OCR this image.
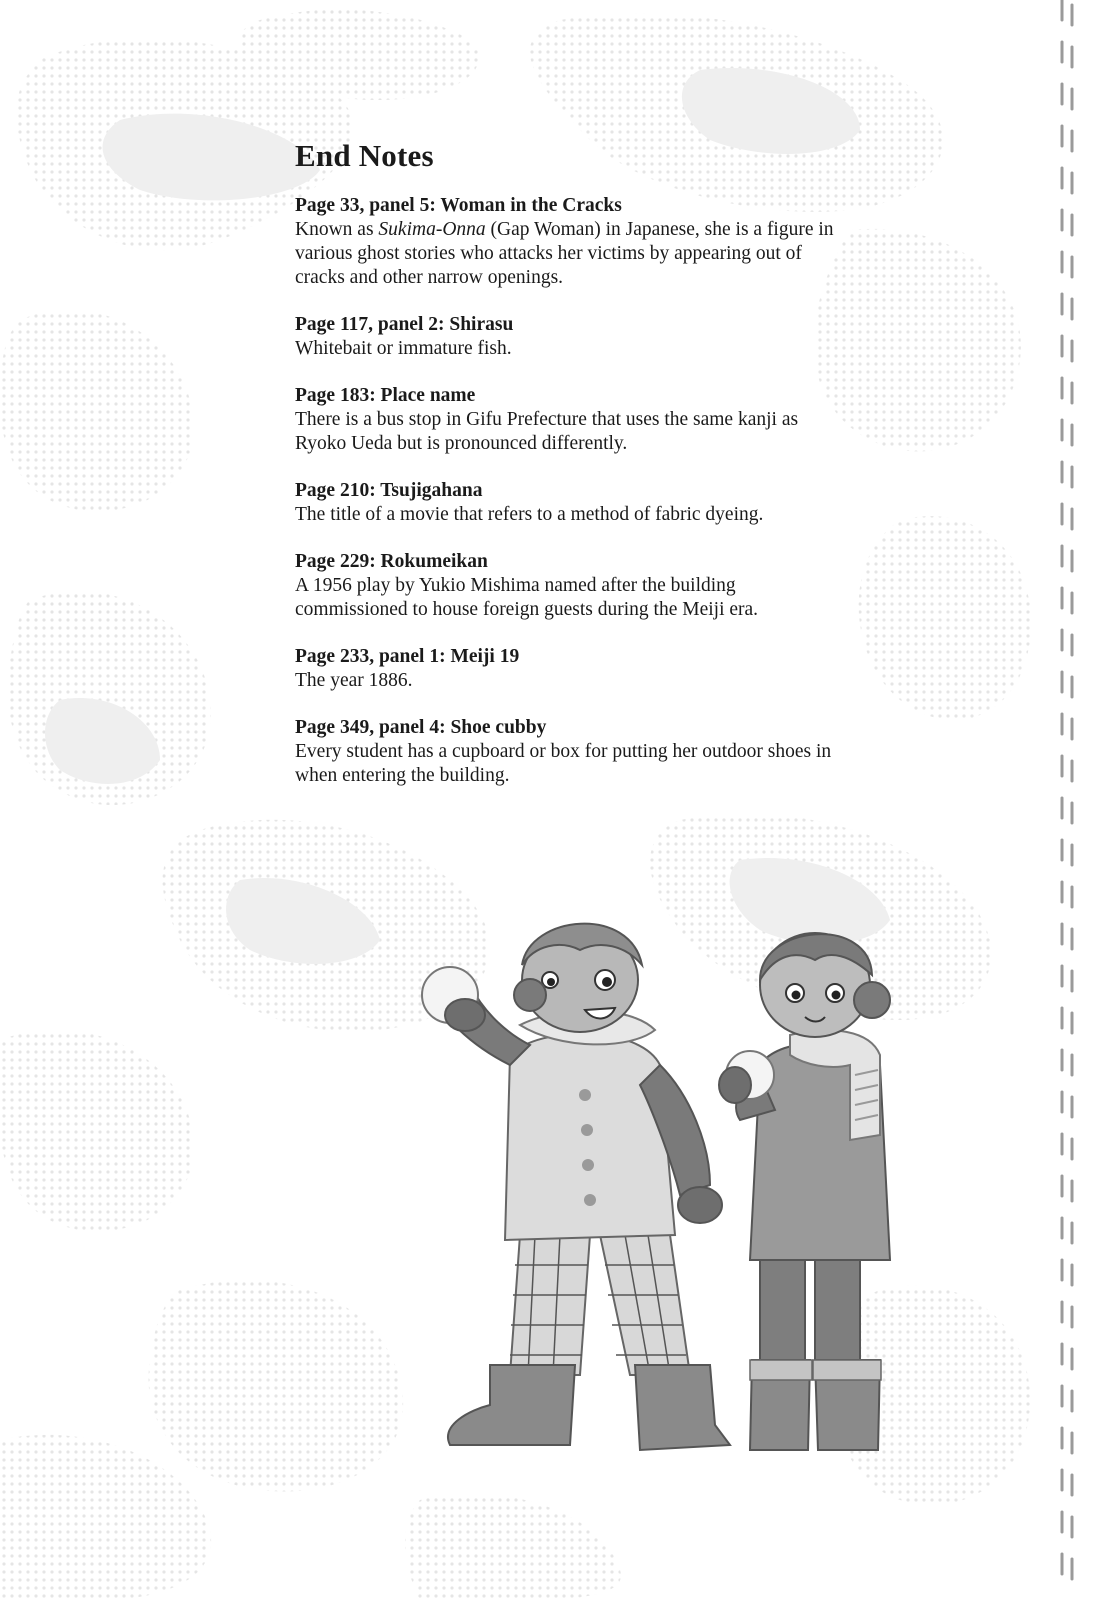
End Notes
Page 33, panel 5: Woman in the Cracks
Known as Sukima-Onna (Gap Woman) in Japanese, she is a figure in various ghost stories who attacks her victims by appearing out of cracks and other narrow openings.
Page 117, panel 2: Shirasu
Whitebait or immature fish.
Page 183: Place name
There is a bus stop in Gifu Prefecture that uses the same kanji as Ryoko Ueda but is pronounced differently.
Page 210: Tsujigahana
The title of a movie that refers to a method of fabric dyeing.
Page 229: Rokumeikan
A 1956 play by Yukio Mishima named after the building commissioned to house foreign guests during the Meiji era.
Page 233, panel 1: Meiji 19
The year 1886.
Page 349, panel 4: Shoe cubby
Every student has a cupboard or box for putting her outdoor shoes in when entering the building.
